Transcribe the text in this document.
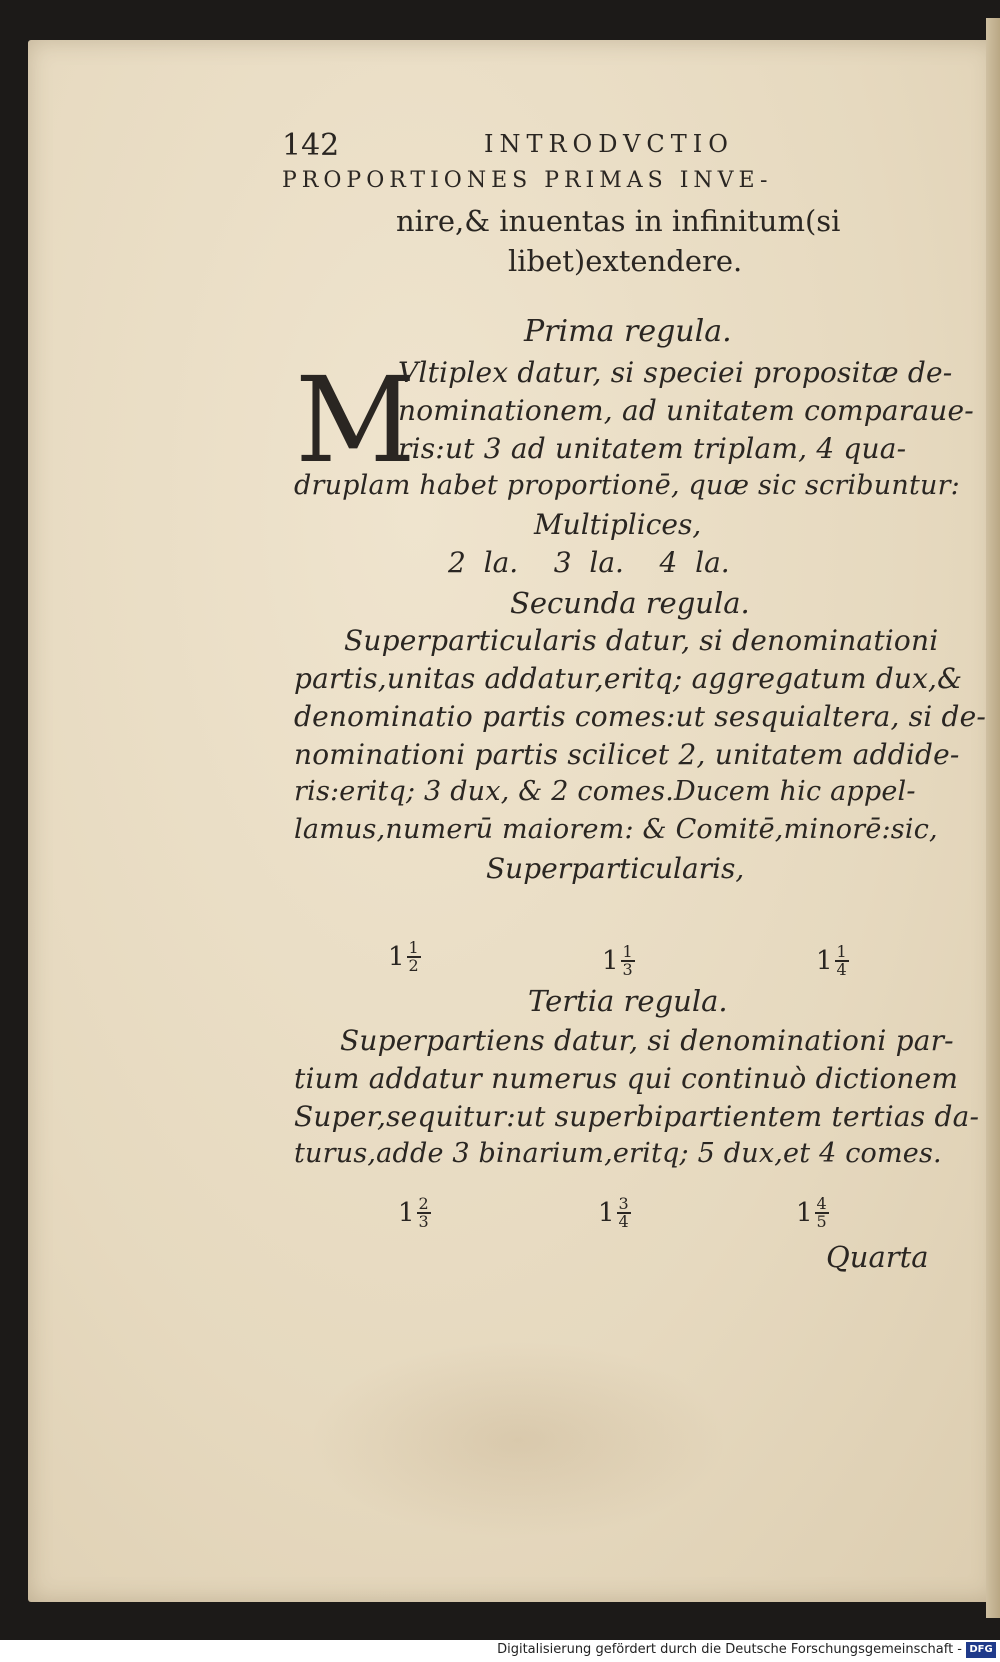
142	INTRODVCTIO
PROPORTIONES PRIMAS INVE-
nire,& inuentas in infinitum(si
libet)extendere.
Prima regula.
M
Vltiplex datur, si speciei propositæ de-
nominationem, ad unitatem comparaue-
ris:ut 3 ad unitatem triplam, 4 qua-
druplam habet proportionē, quæ sic scribuntur:
Multiplices,
2  la.    3  la.    4  la.
Secunda regula.
Superparticularis datur, si denominationi
partis,unitas addatur,eritq; aggregatum dux,&
denominatio partis comes:ut sesquialtera, si de-
nominationi partis scilicet 2, unitatem addide-
ris:eritq; 3 dux, & 2 comes.Ducem hic appel-
lamus,numerū maiorem: & Comitē,minorē:sic,
Superparticularis,
$1 \frac{1}{2}$	$1 \frac{1}{3}$	$1 \frac{1}{4}$
Tertia regula.
Superpartiens datur, si denominationi par-
tium addatur numerus qui continuò dictionem
Super,sequitur:ut superbipartientem tertias da-
turus,adde 3 binarium,eritq; 5 dux,et 4 comes.
$1 \frac{2}{3}$	$1 \frac{3}{4}$	$1 \frac{4}{5}$
Quarta
Digitalisierung gefördert durch die Deutsche Forschungsgemeinschaft - DFG
